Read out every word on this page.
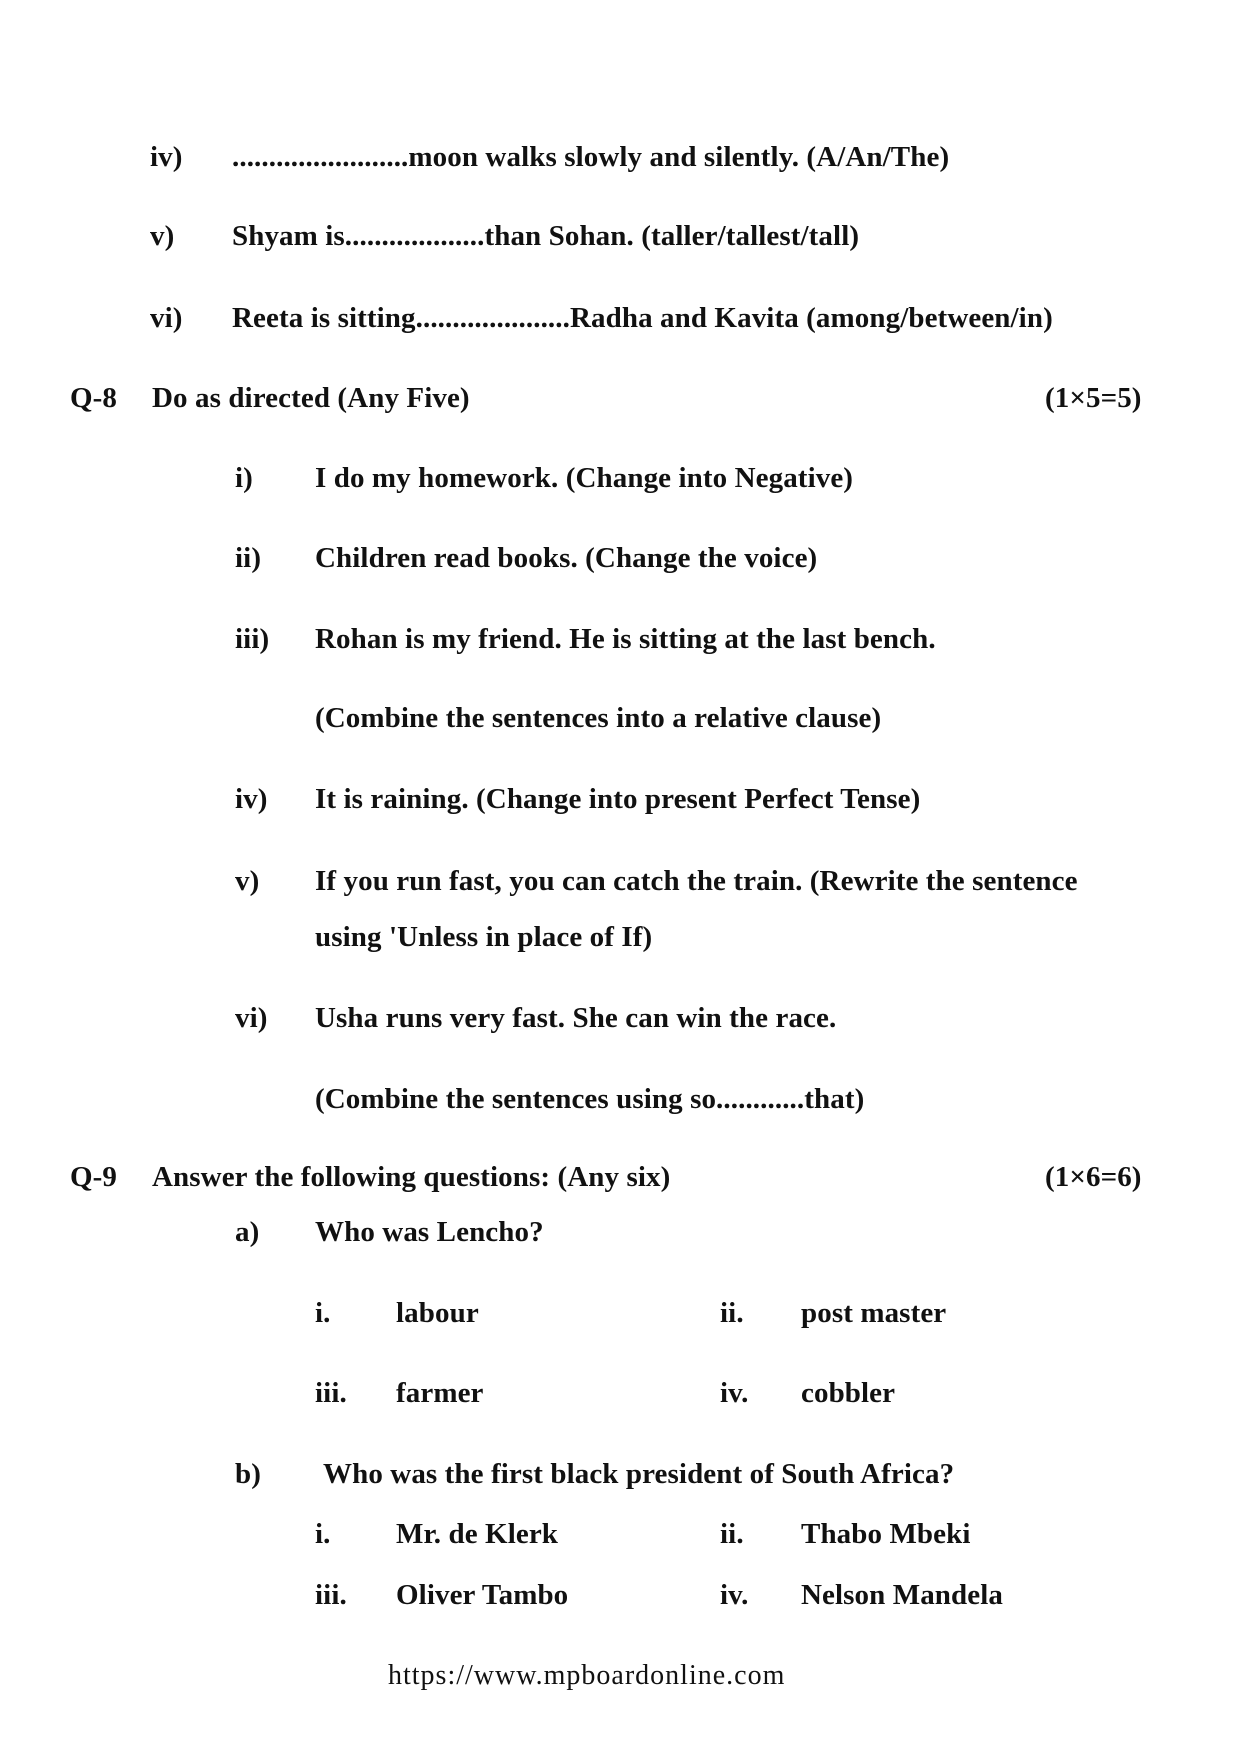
iv) ........................moon walks slowly and silently. (A/An/The)
v) Shyam is...................than Sohan. (taller/tallest/tall)
vi) Reeta is sitting.....................Radha and Kavita (among/between/in)
Q-8 Do as directed (Any Five)	(1×5=5)
i) I do my homework. (Change into Negative)
ii) Children read books. (Change the voice)
iii) Rohan is my friend. He is sitting at the last bench.
(Combine the sentences into a relative clause)
iv) It is raining. (Change into present Perfect Tense)
v) If you run fast, you can catch the train. (Rewrite the sentence
using 'Unless in place of If)
vi) Usha runs very fast. She can win the race.
(Combine the sentences using so............that)
Q-9 Answer the following questions: (Any six)	(1×6=6)
a) Who was Lencho?
i. labour	ii. post master
iii. farmer	iv. cobbler
b) Who was the first black president of South Africa?
i. Mr. de Klerk	ii. Thabo Mbeki
iii. Oliver Tambo	iv. Nelson Mandela
https://www.mpboardonline.com
